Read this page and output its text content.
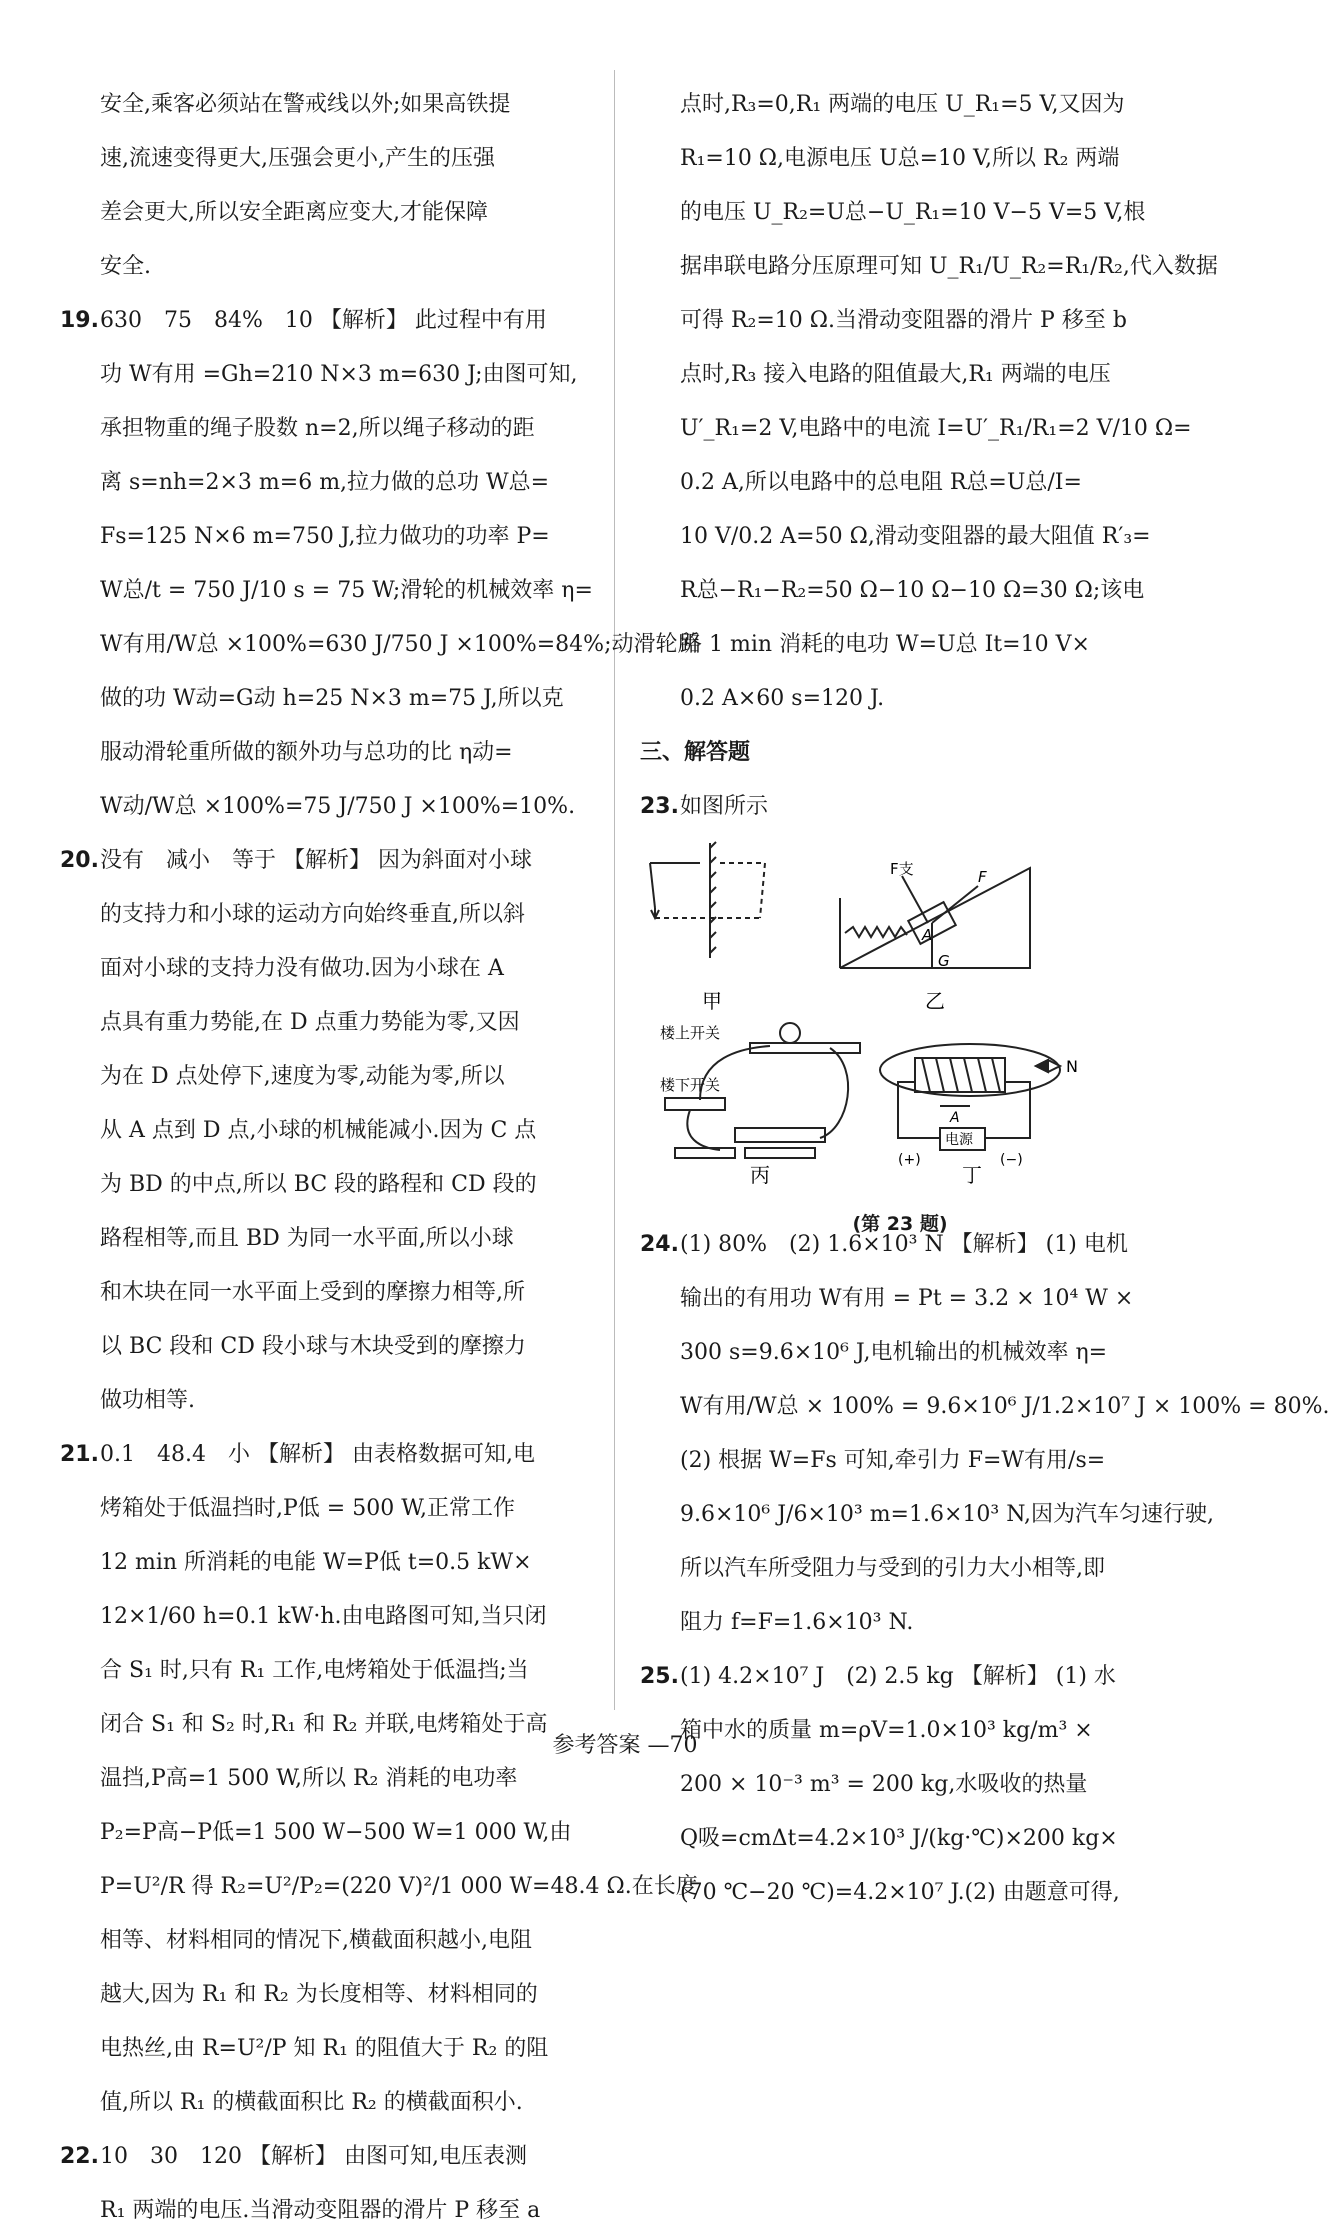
安全,乘客必须站在警戒线以外;如果高铁提
速,流速变得更大,压强会更小,产生的压强
差会更大,所以安全距离应变大,才能保障
安全.
19.630　75　84%　10 【解析】 此过程中有用
功 W有用 =Gh=210 N×3 m=630 J;由图可知,
承担物重的绳子股数 n=2,所以绳子移动的距
离 s=nh=2×3 m=6 m,拉力做的总功 W总=
Fs=125 N×6 m=750 J,拉力做功的功率 P=
W总/t = 750 J/10 s = 75 W;滑轮的机械效率 η=
W有用/W总 ×100%=630 J/750 J ×100%=84%;动滑轮所
做的功 W动=G动 h=25 N×3 m=75 J,所以克
服动滑轮重所做的额外功与总功的比 η动=
W动/W总 ×100%=75 J/750 J ×100%=10%.
20.没有　减小　等于 【解析】 因为斜面对小球
的支持力和小球的运动方向始终垂直,所以斜
面对小球的支持力没有做功.因为小球在 A
点具有重力势能,在 D 点重力势能为零,又因
为在 D 点处停下,速度为零,动能为零,所以
从 A 点到 D 点,小球的机械能减小.因为 C 点
为 BD 的中点,所以 BC 段的路程和 CD 段的
路程相等,而且 BD 为同一水平面,所以小球
和木块在同一水平面上受到的摩擦力相等,所
以 BC 段和 CD 段小球与木块受到的摩擦力
做功相等.
21.0.1　48.4　小 【解析】 由表格数据可知,电
烤箱处于低温挡时,P低 = 500 W,正常工作
12 min 所消耗的电能 W=P低 t=0.5 kW×
12×1/60 h=0.1 kW·h.由电路图可知,当只闭
合 S₁ 时,只有 R₁ 工作,电烤箱处于低温挡;当
闭合 S₁ 和 S₂ 时,R₁ 和 R₂ 并联,电烤箱处于高
温挡,P高=1 500 W,所以 R₂ 消耗的电功率
P₂=P高−P低=1 500 W−500 W=1 000 W,由
P=U²/R 得 R₂=U²/P₂=(220 V)²/1 000 W=48.4 Ω.在长度
相等、材料相同的情况下,横截面积越小,电阻
越大,因为 R₁ 和 R₂ 为长度相等、材料相同的
电热丝,由 R=U²/P 知 R₁ 的阻值大于 R₂ 的阻
值,所以 R₁ 的横截面积比 R₂ 的横截面积小.
22.10　30　120 【解析】 由图可知,电压表测
R₁ 两端的电压.当滑动变阻器的滑片 P 移至 a
点时,R₃=0,R₁ 两端的电压 U_R₁=5 V,又因为
R₁=10 Ω,电源电压 U总=10 V,所以 R₂ 两端
的电压 U_R₂=U总−U_R₁=10 V−5 V=5 V,根
据串联电路分压原理可知 U_R₁/U_R₂=R₁/R₂,代入数据
可得 R₂=10 Ω.当滑动变阻器的滑片 P 移至 b
点时,R₃ 接入电路的阻值最大,R₁ 两端的电压
U′_R₁=2 V,电路中的电流 I=U′_R₁/R₁=2 V/10 Ω=
0.2 A,所以电路中的总电阻 R总=U总/I=
10 V/0.2 A=50 Ω,滑动变阻器的最大阻值 R′₃=
R总−R₁−R₂=50 Ω−10 Ω−10 Ω=30 Ω;该电
路 1 min 消耗的电功 W=U总 It=10 V×
0.2 A×60 s=120 J.
三、解答题
23.如图所示
F支	F
G
A
甲	乙
楼上开关
楼下开关
丙
电源
(+)	(−)
N
A
丁
(第 23 题)
24.(1) 80%　(2) 1.6×10³ N 【解析】 (1) 电机
输出的有用功 W有用 = Pt = 3.2 × 10⁴ W ×
300 s=9.6×10⁶ J,电机输出的机械效率 η=
W有用/W总 × 100% = 9.6×10⁶ J/1.2×10⁷ J × 100% = 80%.
(2) 根据 W=Fs 可知,牵引力 F=W有用/s=
9.6×10⁶ J/6×10³ m=1.6×10³ N,因为汽车匀速行驶,
所以汽车所受阻力与受到的引力大小相等,即
阻力 f=F=1.6×10³ N.
25.(1) 4.2×10⁷ J　(2) 2.5 kg 【解析】 (1) 水
箱中水的质量 m=ρV=1.0×10³ kg/m³ ×
200 × 10⁻³ m³ = 200 kg,水吸收的热量
Q吸=cmΔt=4.2×10³ J/(kg·℃)×200 kg×
(70 ℃−20 ℃)=4.2×10⁷ J.(2) 由题意可得,
参考答案 —70
